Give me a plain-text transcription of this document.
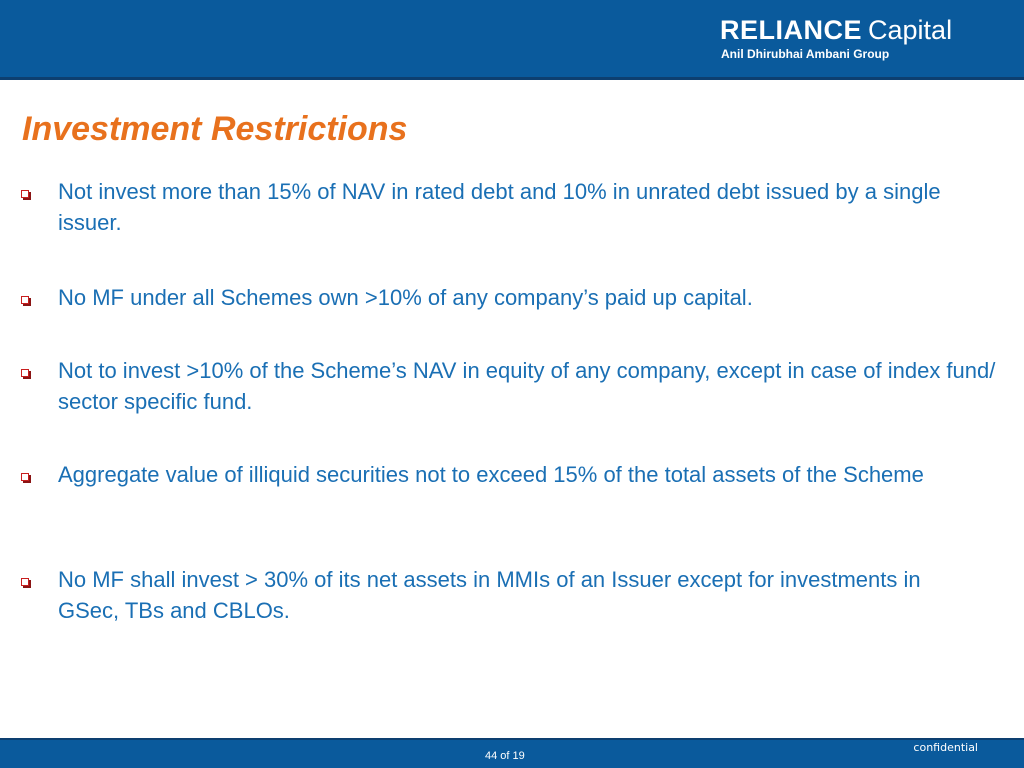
RELIANCE Capital
Anil Dhirubhai Ambani Group
Investment Restrictions
Not invest more than 15% of NAV in rated debt and 10% in unrated debt issued by a single issuer.
No MF under all Schemes own >10% of any company’s paid up capital.
Not to invest >10% of the Scheme’s NAV in equity of any company, except in case of index fund/ sector specific fund.
Aggregate value of illiquid securities not to exceed 15% of the total assets of the Scheme
No MF shall invest > 30% of its net assets in MMIs of an Issuer except for investments in GSec, TBs and CBLOs.
44 of 19
confidential
